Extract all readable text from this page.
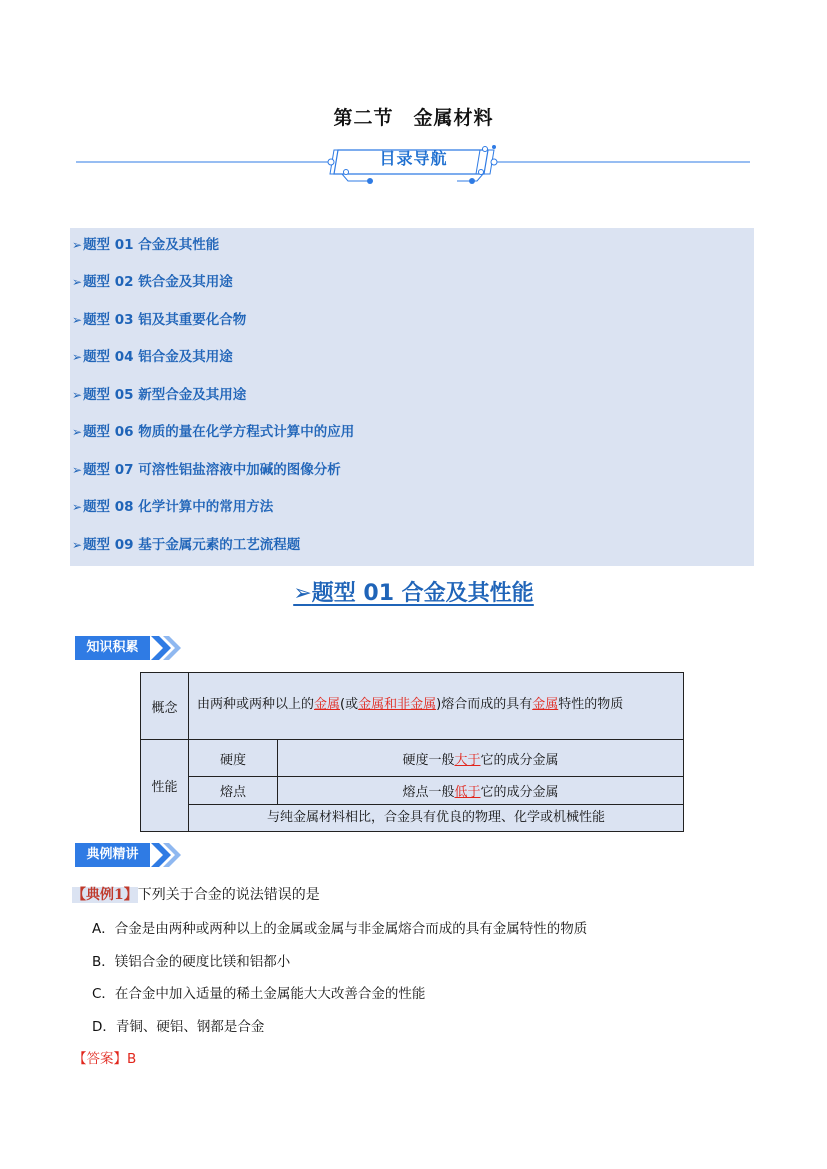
第二节　金属材料
目录导航
➢题型 01 合金及其性能
➢题型 02 铁合金及其用途
➢题型 03 铝及其重要化合物
➢题型 04 铝合金及其用途
➢题型 05 新型合金及其用途
➢题型 06 物质的量在化学方程式计算中的应用
➢题型 07 可溶性铝盐溶液中加碱的图像分析
➢题型 08 化学计算中的常用方法
➢题型 09 基于金属元素的工艺流程题
➢题型 01 合金及其性能
知识积累
概念	由两种或两种以上的金属(或金属和非金属)熔合而成的具有金属特性的物质	
性能	硬度	硬度一般大于它的成分金属
	熔点	熔点一般低于它的成分金属
	与纯金属材料相比，合金具有优良的物理、化学或机械性能	
典例精讲
【典例1】下列关于合金的说法错误的是
A．合金是由两种或两种以上的金属或金属与非金属熔合而成的具有金属特性的物质
B．镁铝合金的硬度比镁和铝都小
C．在合金中加入适量的稀土金属能大大改善合金的性能
D．青铜、硬铝、钢都是合金
【答案】B
